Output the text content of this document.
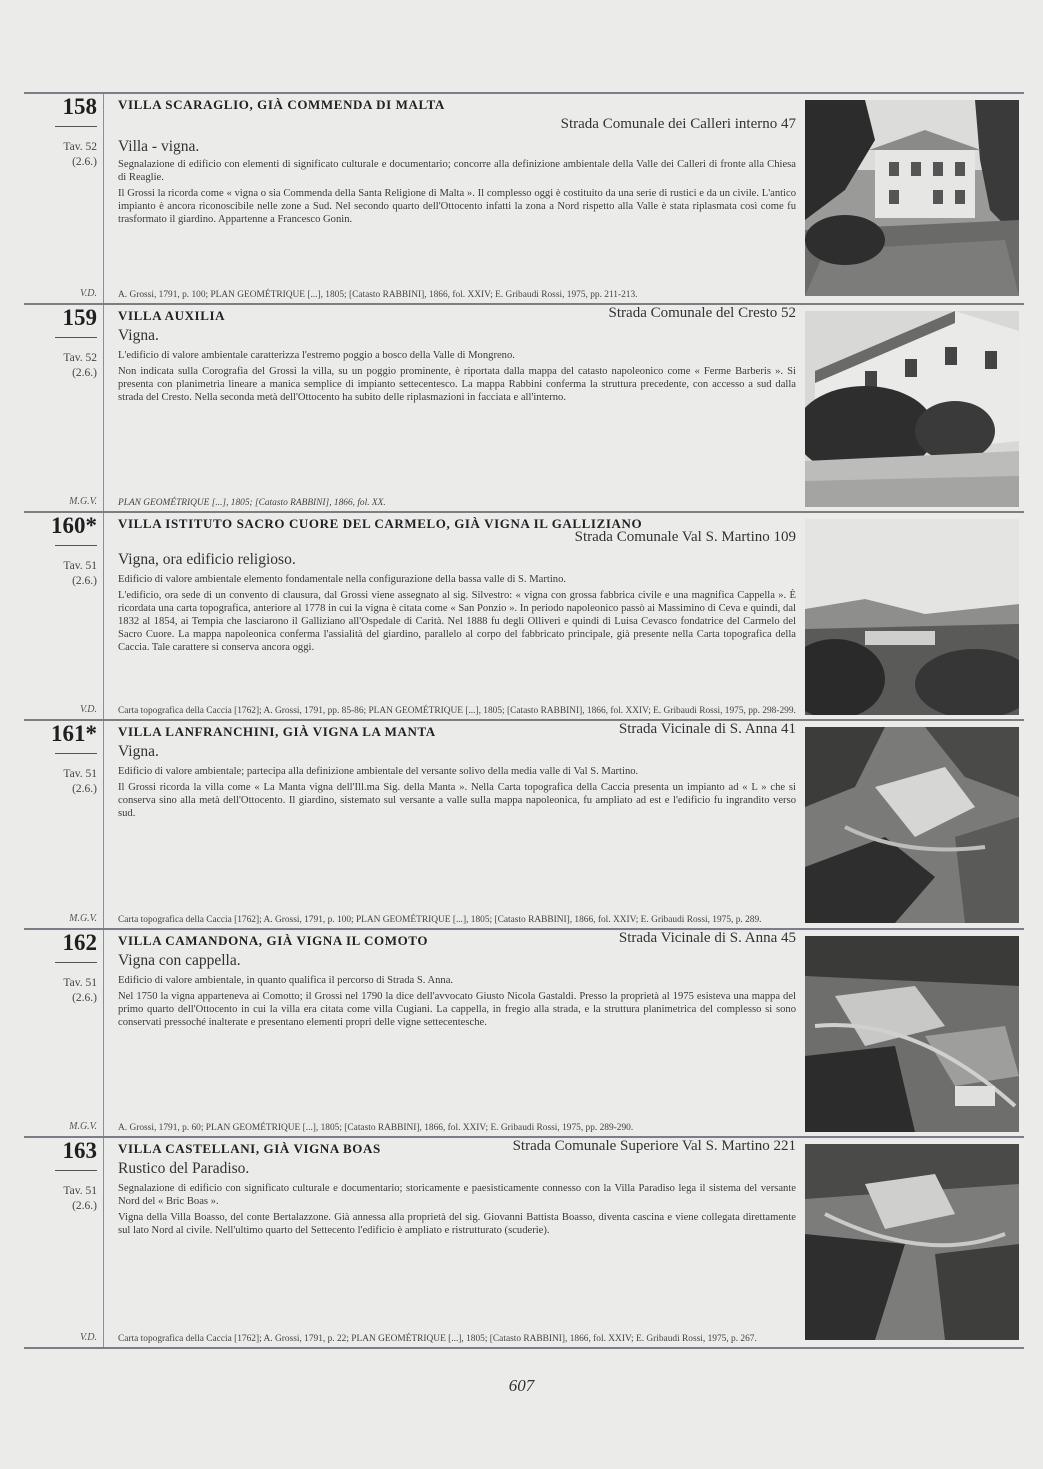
158
Tav. 52
(2.6.)
V.D.
VILLA SCARAGLIO, GIÀ COMMENDA DI MALTA
Strada Comunale dei Calleri interno 47
Villa - vigna.

Segnalazione di edificio con elementi di significato culturale e documentario; concorre alla definizione ambientale della Valle dei Calleri di fronte alla Chiesa di Reaglie.

Il Grossi la ricorda come « vigna o sia Commenda della Santa Religione di Malta ». Il complesso oggi è costituito da una serie di rustici e da un civile. L'antico impianto è ancora riconoscibile nelle zone a Sud. Nel secondo quarto dell'Ottocento infatti la zona a Nord rispetto alla Valle è stata riplasmata così come fu trasformato il giardino. Appartenne a Francesco Gonin.

A. Grossi, 1791, p. 100; PLAN GEOMÉTRIQUE [...], 1805; [Catasto RABBINI], 1866, fol. XXIV; E. Gribaudi Rossi, 1975, pp. 211-213.
159
Tav. 52
(2.6.)
M.G.V.
VILLA AUXILIA	Strada Comunale del Cresto 52
Vigna.

L'edificio di valore ambientale caratterizza l'estremo poggio a bosco della Valle di Mongreno.

Non indicata sulla Corografia del Grossi la villa, su un poggio prominente, è riportata dalla mappa del catasto napoleonico come « Ferme Barberis ». Si presenta con planimetria lineare a manica semplice di impianto settecentesco. La mappa Rabbini conferma la struttura precedente, con accesso a sud dalla strada del Cresto. Nella seconda metà dell'Ottocento ha subito delle riplasmazioni in facciata e all'interno.

PLAN GEOMÉTRIQUE [...], 1805; [Catasto RABBINI], 1866, fol. XX.
160*
Tav. 51
(2.6.)
V.D.
VILLA ISTITUTO SACRO CUORE DEL CARMELO, GIÀ VIGNA IL GALLIZIANO
Strada Comunale Val S. Martino 109
Vigna, ora edificio religioso.

Edificio di valore ambientale elemento fondamentale nella configurazione della bassa valle di S. Martino.

L'edificio, ora sede di un convento di clausura, dal Grossi viene assegnato al sig. Silvestro: « vigna con grossa fabbrica civile e una magnifica Cappella ». È ricordata una carta topografica, anteriore al 1778 in cui la vigna è citata come « San Ponzio ». In periodo napoleonico passò ai Massimino di Ceva e quindi, dal 1832 al 1854, ai Tempia che lasciarono il Galliziano all'Ospedale di Carità. Nel 1888 fu degli Olliveri e quindi di Luisa Cevasco fondatrice del Carmelo del Sacro Cuore. La mappa napoleonica conferma l'assialità del giardino, parallelo al corpo del fabbricato principale, già presente nella Carta topografica della Caccia. Tale carattere si conserva ancora oggi.

Carta topografica della Caccia [1762]; A. Grossi, 1791, pp. 85-86; PLAN GEOMÉTRIQUE [...], 1805; [Catasto RABBINI], 1866, fol. XXIV; E. Gribaudi Rossi, 1975, pp. 298-299.
161*
Tav. 51
(2.6.)
M.G.V.
VILLA LANFRANCHINI, GIÀ VIGNA LA MANTA	Strada Vicinale di S. Anna 41
Vigna.

Edificio di valore ambientale; partecipa alla definizione ambientale del versante solivo della media valle di Val S. Martino.

Il Grossi ricorda la villa come « La Manta vigna dell'Ill.ma Sig. della Manta ». Nella Carta topografica della Caccia presenta un impianto ad « L » che si conserva sino alla metà dell'Ottocento. Il giardino, sistemato sul versante a valle sulla mappa napoleonica, fu ampliato ad est e l'edificio fu ingrandito verso sud.

Carta topografica della Caccia [1762]; A. Grossi, 1791, p. 100; PLAN GEOMÉTRIQUE [...], 1805; [Catasto RABBINI], 1866, fol. XXIV; E. Gribaudi Rossi, 1975, p. 289.
162
Tav. 51
(2.6.)
M.G.V.
VILLA CAMANDONA, GIÀ VIGNA IL COMOTO	Strada Vicinale di S. Anna 45
Vigna con cappella.

Edificio di valore ambientale, in quanto qualifica il percorso di Strada S. Anna.

Nel 1750 la vigna apparteneva ai Comotto; il Grossi nel 1790 la dice dell'avvocato Giusto Nicola Gastaldi. Presso la proprietà al 1975 esisteva una mappa del primo quarto dell'Ottocento in cui la villa era citata come villa Cugiani. La cappella, in fregio alla strada, e la struttura planimetrica del complesso si sono conservati pressoché inalterate e presentano elementi propri delle vigne settecentesche.

A. Grossi, 1791, p. 60; PLAN GEOMÉTRIQUE [...], 1805; [Catasto RABBINI], 1866, fol. XXIV; E. Gribaudi Rossi, 1975, pp. 289-290.
163
Tav. 51
(2.6.)
V.D.
VILLA CASTELLANI, GIÀ VIGNA BOAS	Strada Comunale Superiore Val S. Martino 221
Rustico del Paradiso.

Segnalazione di edificio con significato culturale e documentario; storicamente e paesisticamente connesso con la Villa Paradiso lega il sistema del versante Nord del « Bric Boas ».

Vigna della Villa Boasso, del conte Bertalazzone. Già annessa alla proprietà del sig. Giovanni Battista Boasso, diventa cascina e viene collegata direttamente sul lato Nord al civile. Nell'ultimo quarto del Settecento l'edificio è ampliato e ristrutturato (scuderie).

Carta topografica della Caccia [1762]; A. Grossi, 1791, p. 22; PLAN GEOMÉTRIQUE [...], 1805; [Catasto RABBINI], 1866, fol. XXIV; E. Gribaudi Rossi, 1975, p. 267.
607
